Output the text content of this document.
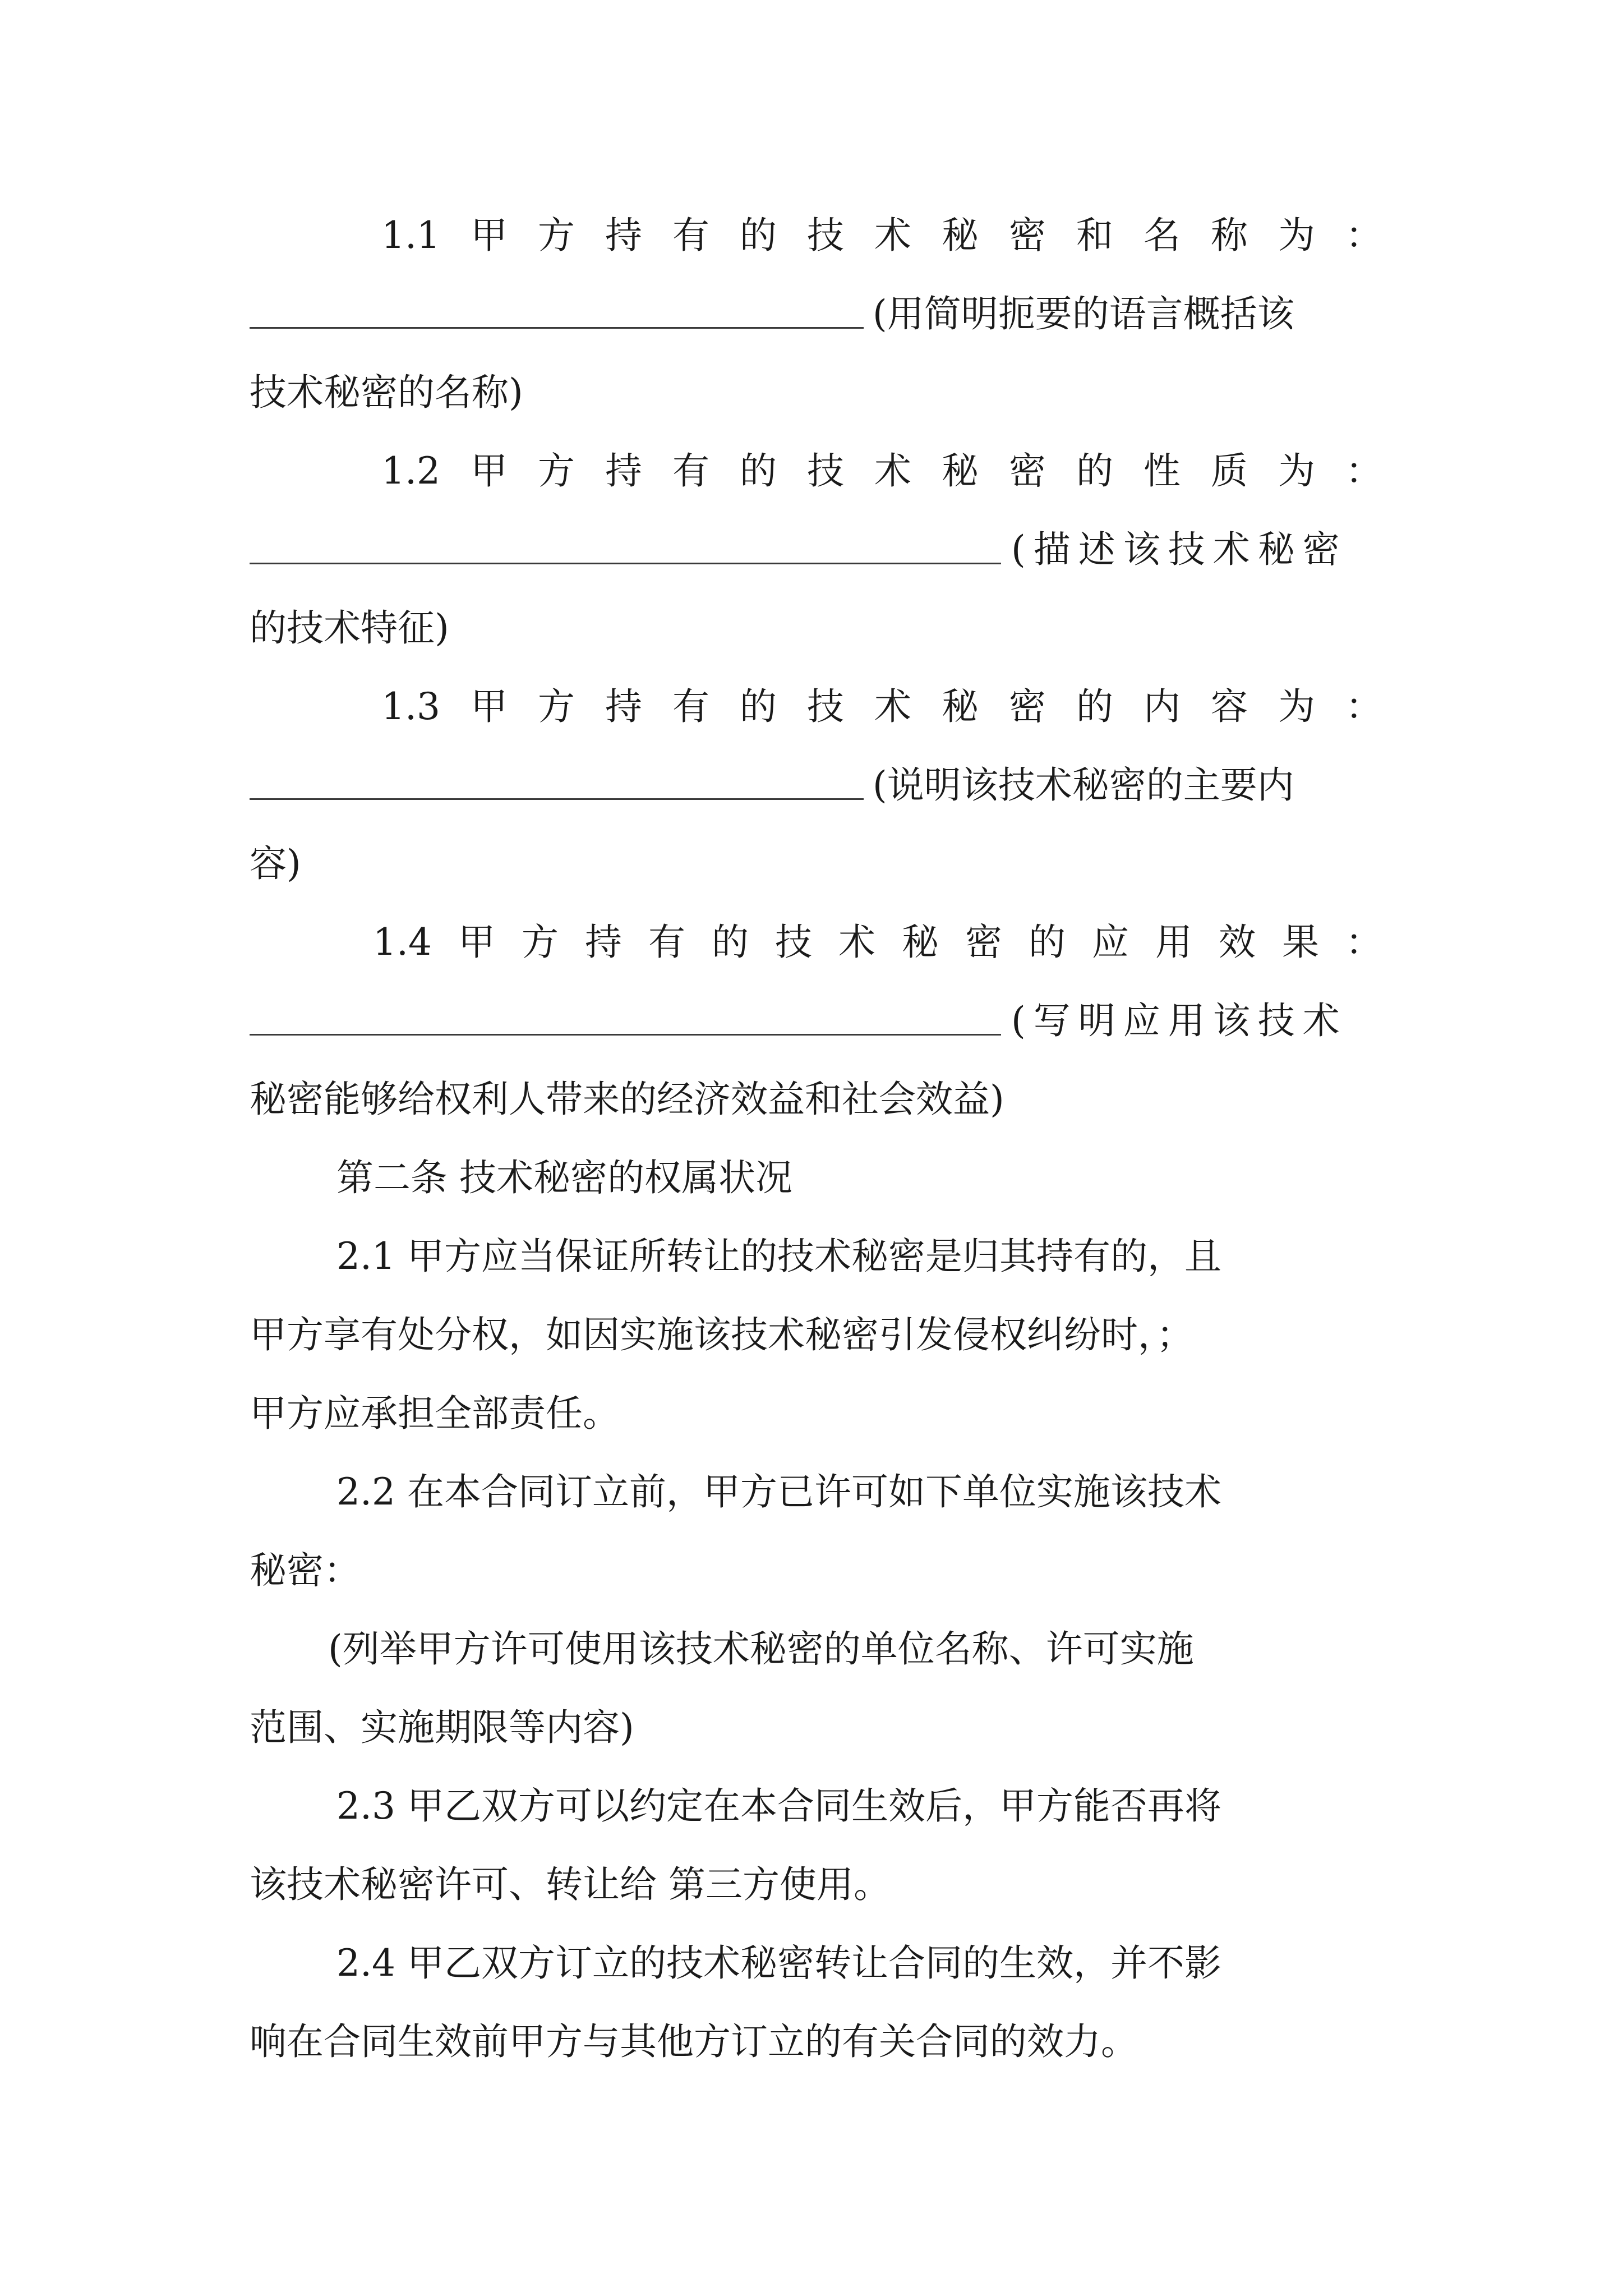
1.1 甲 方 持 有 的 技 术 秘 密 和 名 称 为 ：
(用简明扼要的语言概括该
技术秘密的名称)
1.2 甲 方 持 有 的 技 术 秘 密 的 性 质 为 ：
(描述该技术秘密
的技术特征)
1.3 甲 方 持 有 的 技 术 秘 密 的 内 容 为 ：
(说明该技术秘密的主要内
容)
1.4 甲 方 持 有 的 技 术 秘 密 的 应 用 效 果 ：
(写明应用该技术
秘密能够给权利人带来的经济效益和社会效益)
第二条 技术秘密的权属状况
2.1 甲方应当保证所转让的技术秘密是归其持有的，且
甲方享有处分权，如因实施该技术秘密引发侵权纠纷时，；
甲方应承担全部责任。
2.2 在本合同订立前，甲方已许可如下单位实施该技术
秘密：
(列举甲方许可使用该技术秘密的单位名称、许可实施
范围、实施期限等内容)
2.3 甲乙双方可以约定在本合同生效后，甲方能否再将
该技术秘密许可、转让给 第三方使用。
2.4 甲乙双方订立的技术秘密转让合同的生效，并不影
响在合同生效前甲方与其他方订立的有关合同的效力。
